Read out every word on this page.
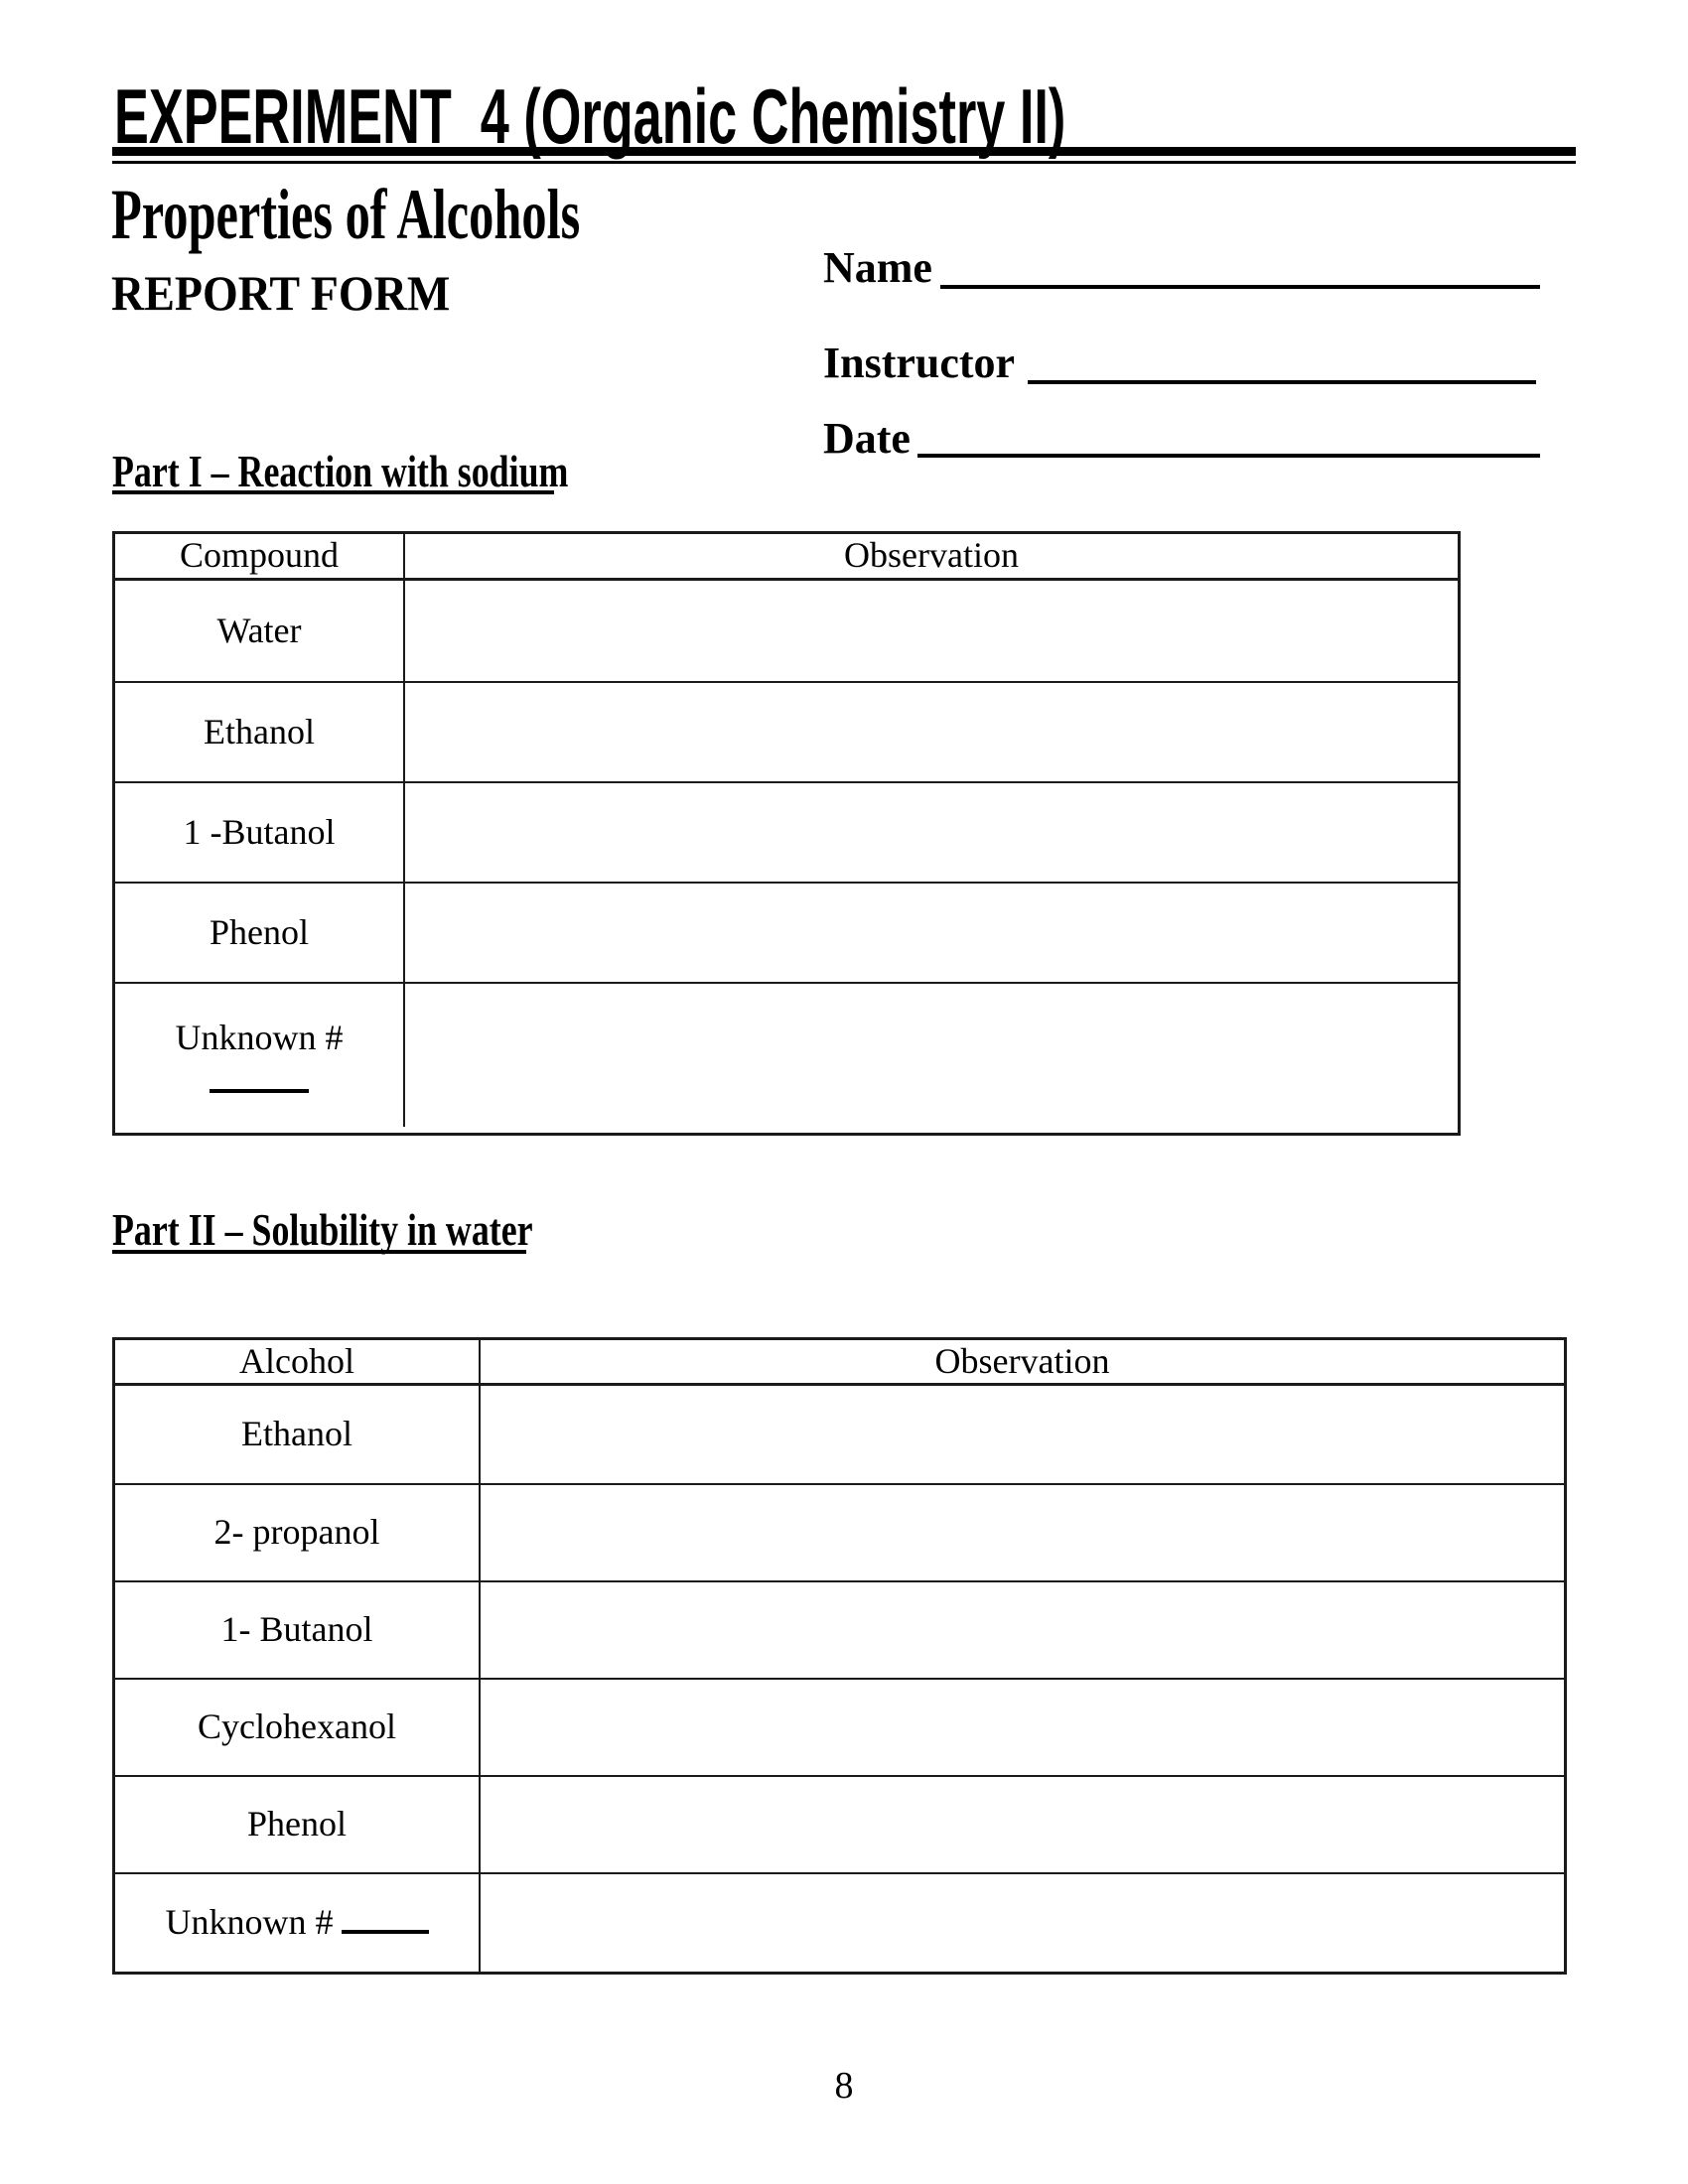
EXPERIMENT  4 (Organic Chemistry II)
Properties of Alcohols
REPORT FORM	Name
Instructor
Date
Part I – Reaction with sodium
Compound	Observation
Water
Ethanol
1 -Butanol
Phenol
Unknown #
Part II – Solubility in water
Alcohol	Observation
Ethanol
2- propanol
1- Butanol
Cyclohexanol
Phenol
Unknown #
8
